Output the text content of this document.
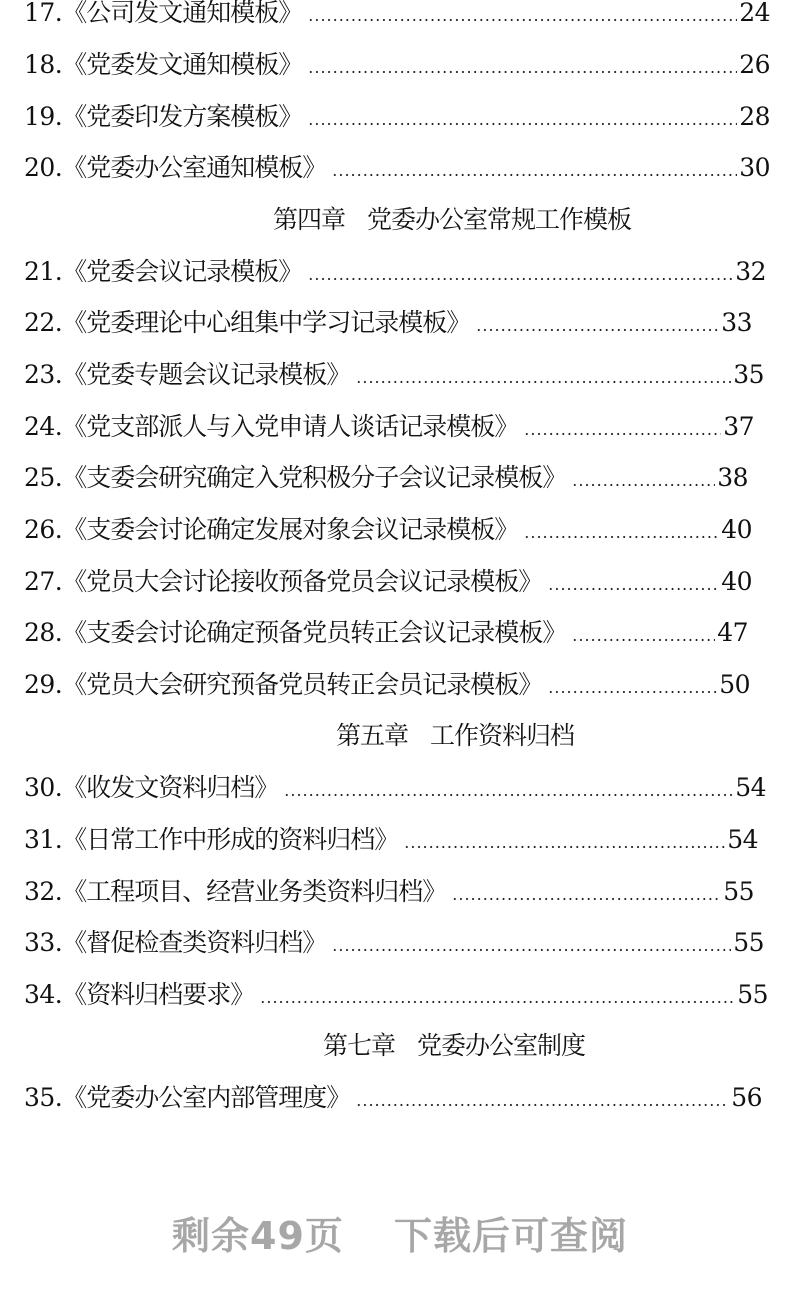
17. 《公司发文通知模板》 .....	24
18. 《党委发文通知模板》 .....	26
19. 《党委印发方案模板》 .....	28
20. 《党委办公室通知模板》 .....	30
第四章 党委办公室常规工作模板
21. 《党委会议记录模板》 .....	32
22. 《党委理论中心组集中学习记录模板》 .....	33
23. 《党委专题会议记录模板》 .....	35
24. 《党支部派人与入党申请人谈话记录模板》 .....	37
25. 《支委会研究确定入党积极分子会议记录模板》 .....	38
26. 《支委会讨论确定发展对象会议记录模板》 .....	40
27. 《党员大会讨论接收预备党员会议记录模板》 .....	40
28. 《支委会讨论确定预备党员转正会议记录模板》 .....	47
29. 《党员大会研究预备党员转正会员记录模板》 .....	50
第五章 工作资料归档
30. 《收发文资料归档》 .....	54
31. 《日常工作中形成的资料归档》 .....	54
32. 《工程项目、经营业务类资料归档》 .....	55
33. 《督促检查类资料归档》 .....	55
34. 《资料归档要求》 .....	55
第七章 党委办公室制度
35. 《党委办公室内部管理度》 .....	56
剩余49页 下载后可查阅
